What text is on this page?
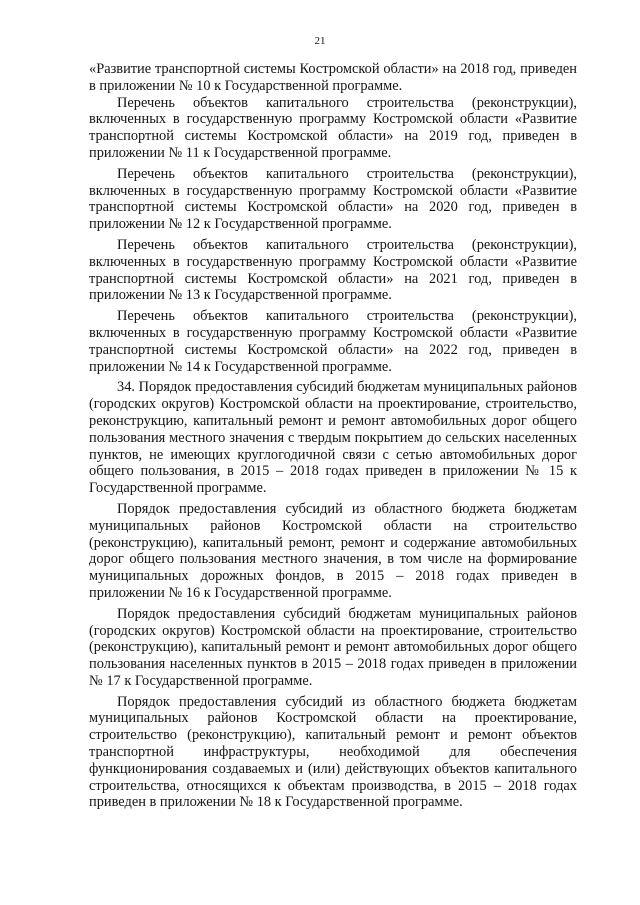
21

«Развитие транспортной системы Костромской области» на 2018 год, приведен в приложении № 10 к Государственной программе.

Перечень объектов капитального строительства (реконструкции), включенных в государственную программу Костромской области «Развитие транспортной системы Костромской области» на 2019 год, приведен в приложении № 11 к Государственной программе.

Перечень объектов капитального строительства (реконструкции), включенных в государственную программу Костромской области «Развитие транспортной системы Костромской области» на 2020 год, приведен в приложении № 12 к Государственной программе.

Перечень объектов капитального строительства (реконструкции), включенных в государственную программу Костромской области «Развитие транспортной системы Костромской области» на 2021 год, приведен в приложении № 13 к Государственной программе.

Перечень объектов капитального строительства (реконструкции), включенных в государственную программу Костромской области «Развитие транспортной системы Костромской области» на 2022 год, приведен в приложении № 14 к Государственной программе.

34. Порядок предоставления субсидий бюджетам муниципальных районов (городских округов) Костромской области на проектирование, строительство, реконструкцию, капитальный ремонт и ремонт автомобильных дорог общего пользования местного значения с твердым покрытием до сельских населенных пунктов, не имеющих круглогодичной связи с сетью автомобильных дорог общего пользования, в 2015 – 2018 годах приведен в приложении № 15 к Государственной программе.

Порядок предоставления субсидий из областного бюджета бюджетам муниципальных районов Костромской области на строительство (реконструкцию), капитальный ремонт, ремонт и содержание автомобильных дорог общего пользования местного значения, в том числе на формирование муниципальных дорожных фондов, в 2015 – 2018 годах приведен в приложении № 16 к Государственной программе.

Порядок предоставления субсидий бюджетам муниципальных районов (городских округов) Костромской области на проектирование, строительство (реконструкцию), капитальный ремонт и ремонт автомобильных дорог общего пользования населенных пунктов в 2015 – 2018 годах приведен в приложении № 17 к Государственной программе.

Порядок предоставления субсидий из областного бюджета бюджетам муниципальных районов Костромской области на проектирование, строительство (реконструкцию), капитальный ремонт и ремонт объектов транспортной инфраструктуры, необходимой для обеспечения функционирования создаваемых и (или) действующих объектов капитального строительства, относящихся к объектам производства, в 2015 – 2018 годах приведен в приложении № 18 к Государственной программе.
